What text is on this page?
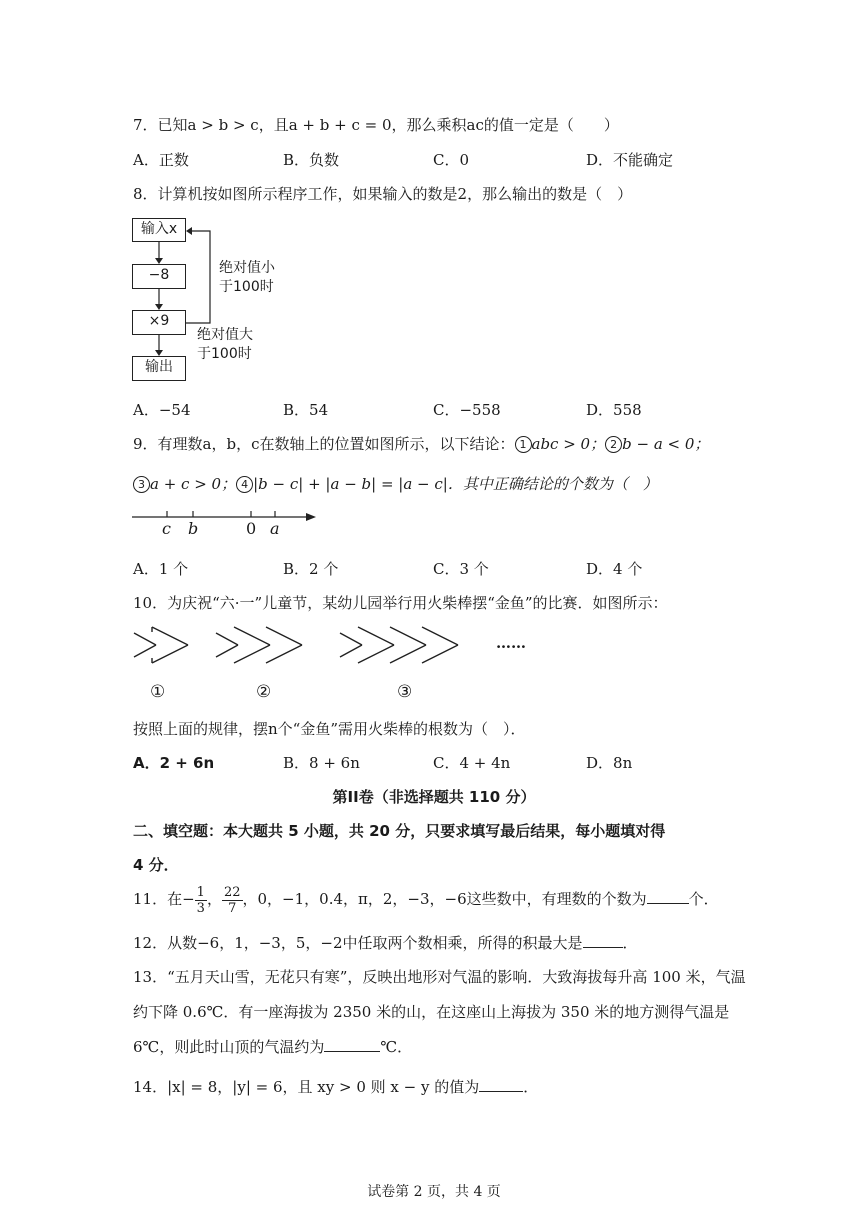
7．已知a > b > c，且a + b + c = 0，那么乘积ac的值一定是（　　）
A．正数	B．负数	C．0	D．不能确定
8．计算机按如图所示程序工作，如果输入的数是2，那么输出的数是（　）
输入x
−8
×9
输出
绝对值小
于100时
绝对值大
于100时
A．−54	B．54	C．−558	D．558
9．有理数a，b，c在数轴上的位置如图所示，以下结论： 1 abc > 0； 2 b − a < 0；
3 a + c > 0； 4 |b − c| + |a − b| = |a − c|．其中正确结论的个数为（　）
c b	0 a
A．1 个	B．2 个	C．3 个	D．4 个
10．为庆祝“六·一”儿童节，某幼儿园举行用火柴棒摆“金鱼”的比赛．如图所示：
……
①	②	③
按照上面的规律，摆n个“金鱼”需用火柴棒的根数为（　）．
A．2 + 6n	B．8 + 6n	C．4 + 4n	D．8n
第II卷（非选择题共 110 分）
二、填空题：本大题共 5 小题，共 20 分，只要求填写最后结果，每小题填对得
4 分．
11．在− $\frac{1}{3}$ ， $\frac{22}{7}$ ，0，−1，0.4，π，2，−3，−6这些数中，有理数的个数为	个．
12．从数−6，1，−3，5，−2中任取两个数相乘，所得的积最大是	．
13．“五月天山雪，无花只有寒”，反映出地形对气温的影响．大致海拔每升高 100 米，气温
约下降 0.6℃．有一座海拔为 2350 米的山，在这座山上海拔为 350 米的地方测得气温是
6℃，则此时山顶的气温约为	℃．
14．|x| = 8，|y| = 6，且 xy > 0 则 x − y 的值为	．
试卷第 2 页，共 4 页
